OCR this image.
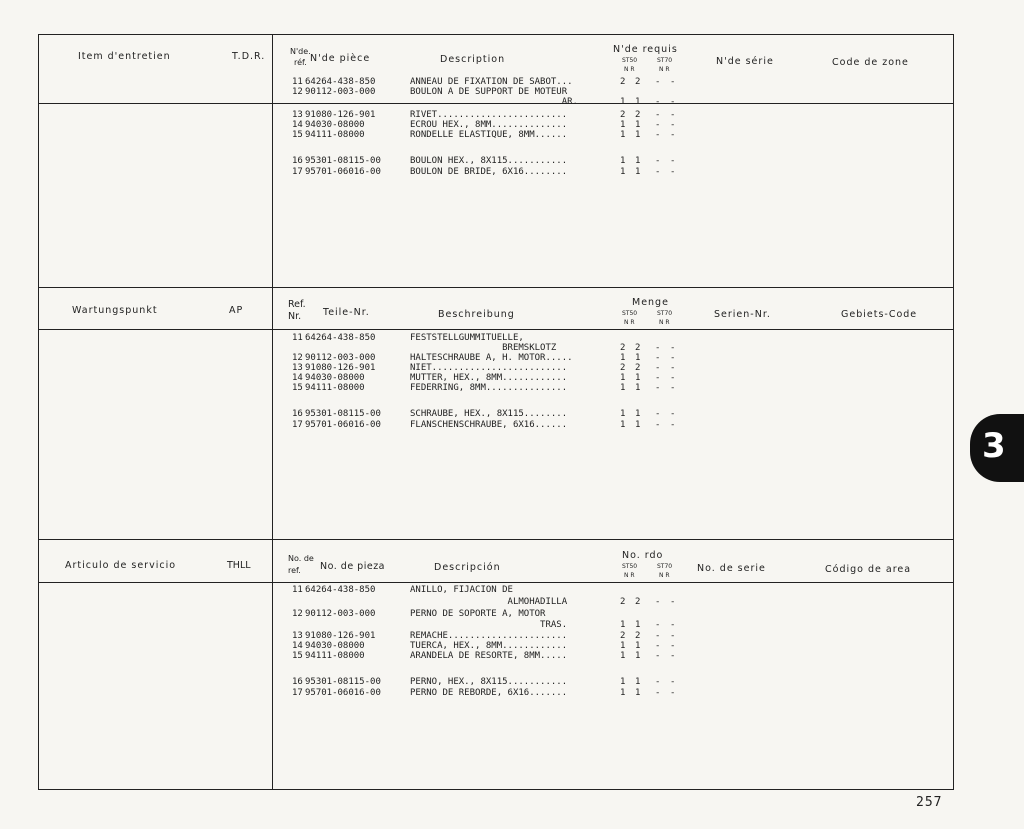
Item d'entretien	T.D.R.	N'de.
réf. N'de pièce	Description
N'de requis
ST50	ST70
N R	N R
N'de série	Code de zone
11 64264-438-850	ANNEAU DE FIXATION DE SABOT...	2 2 - -
12 90112-003-000	BOULON A DE SUPPORT DE MOTEUR
AR.	1 1 - -
13 91080-126-901	RIVET........................	2 2 - -
14 94030-08000	ECROU HEX., 8MM..............	1 1 - -
15 94111-08000	RONDELLE ELASTIQUE, 8MM......	1 1 - -
16 95301-08115-00	BOULON HEX., 8X115...........	1 1 - -
17 95701-06016-00	BOULON DE BRIDE, 6X16........	1 1 - -
Wartungspunkt	AP
Ref.
Nr. Teile-Nr.	Beschreibung
Menge
ST50	ST70
N R	N R
Serien-Nr.	Gebiets-Code
11 64264-438-850	FESTSTELLGUMMITUELLE,
BREMSKLOTZ	2 2 - -
12 90112-003-000	HALTESCHRAUBE A, H. MOTOR.....	1 1 - -
13 91080-126-901	NIET.........................	2 2 - -
14 94030-08000	MUTTER, HEX., 8MM............	1 1 - -
15 94111-08000	FEDERRING, 8MM...............	1 1 - -
16 95301-08115-00	SCHRAUBE, HEX., 8X115........	1 1 - -
17 95701-06016-00	FLANSCHENSCHRAUBE, 6X16......	1 1 - -
Articulo de servicio	THLL
No. de
ref. No. de pieza	Descripción
No. rdo
ST50	ST70
N R	N R
No. de serie	Código de area
11 64264-438-850	ANILLO, FIJACION DE
ALMOHADILLA	2 2 - -
12 90112-003-000	PERNO DE SOPORTE A, MOTOR
TRAS.	1 1 - -
13 91080-126-901	REMACHE......................	2 2 - -
14 94030-08000	TUERCA, HEX., 8MM............	1 1 - -
15 94111-08000	ARANDELA DE RESORTE, 8MM.....	1 1 - -
16 95301-08115-00	PERNO, HEX., 8X115...........	1 1 - -
17 95701-06016-00	PERNO DE REBORDE, 6X16.......	1 1 - -
3
257
